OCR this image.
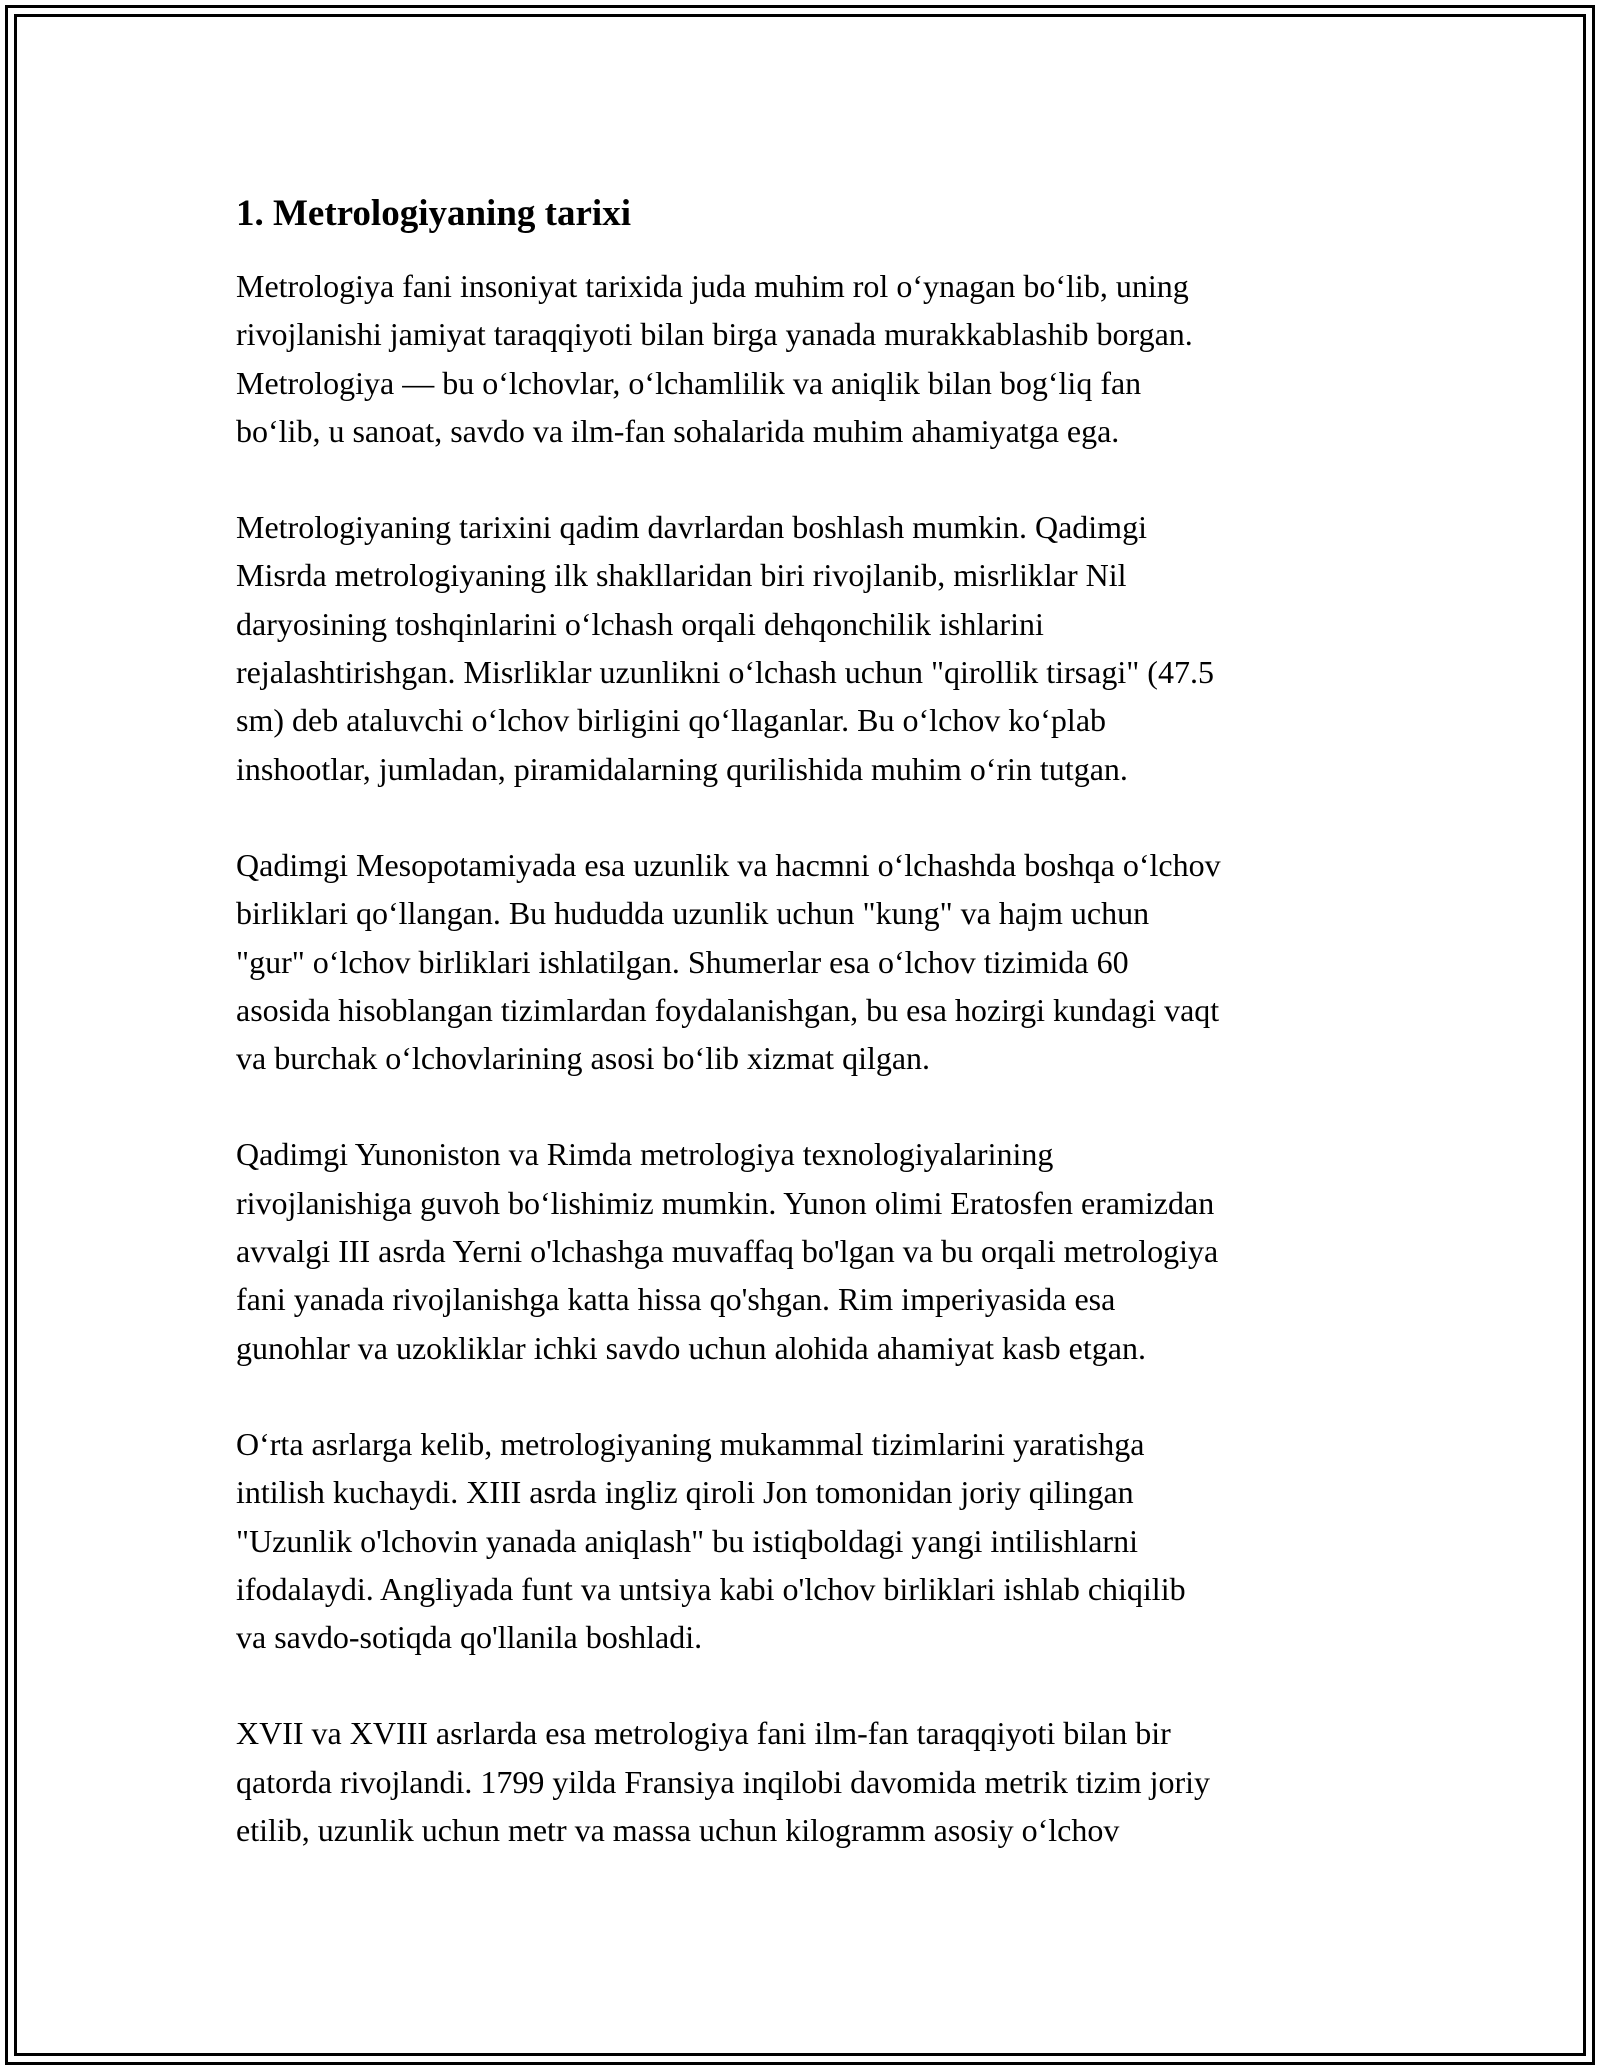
1. Metrologiyaning tarixi

Metrologiya fani insoniyat tarixida juda muhim rol o‘ynagan bo‘lib, uning
rivojlanishi jamiyat taraqqiyoti bilan birga yanada murakkablashib borgan.
Metrologiya — bu o‘lchovlar, o‘lchamlilik va aniqlik bilan bog‘liq fan
bo‘lib, u sanoat, savdo va ilm-fan sohalarida muhim ahamiyatga ega.

Metrologiyaning tarixini qadim davrlardan boshlash mumkin. Qadimgi
Misrda metrologiyaning ilk shakllaridan biri rivojlanib, misrliklar Nil
daryosining toshqinlarini o‘lchash orqali dehqonchilik ishlarini
rejalashtirishgan. Misrliklar uzunlikni o‘lchash uchun "qirollik tirsagi" (47.5
sm) deb ataluvchi o‘lchov birligini qo‘llaganlar. Bu o‘lchov ko‘plab
inshootlar, jumladan, piramidalarning qurilishida muhim o‘rin tutgan.

Qadimgi Mesopotamiyada esa uzunlik va hacmni o‘lchashda boshqa o‘lchov
birliklari qo‘llangan. Bu hududda uzunlik uchun "kung" va hajm uchun
"gur" o‘lchov birliklari ishlatilgan. Shumerlar esa o‘lchov tizimida 60
asosida hisoblangan tizimlardan foydalanishgan, bu esa hozirgi kundagi vaqt
va burchak o‘lchovlarining asosi bo‘lib xizmat qilgan.

Qadimgi Yunoniston va Rimda metrologiya texnologiyalarining
rivojlanishiga guvoh bo‘lishimiz mumkin. Yunon olimi Eratosfen eramizdan
avvalgi III asrda Yerni o'lchashga muvaffaq bo'lgan va bu orqali metrologiya
fani yanada rivojlanishga katta hissa qo'shgan. Rim imperiyasida esa
gunohlar va uzokliklar ichki savdo uchun alohida ahamiyat kasb etgan.

O‘rta asrlarga kelib, metrologiyaning mukammal tizimlarini yaratishga
intilish kuchaydi. XIII asrda ingliz qiroli Jon tomonidan joriy qilingan
"Uzunlik o'lchovin yanada aniqlash" bu istiqboldagi yangi intilishlarni
ifodalaydi. Angliyada funt va untsiya kabi o'lchov birliklari ishlab chiqilib
va savdo-sotiqda qo'llanila boshladi.

XVII va XVIII asrlarda esa metrologiya fani ilm-fan taraqqiyoti bilan bir
qatorda rivojlandi. 1799 yilda Fransiya inqilobi davomida metrik tizim joriy
etilib, uzunlik uchun metr va massa uchun kilogramm asosiy o‘lchov
